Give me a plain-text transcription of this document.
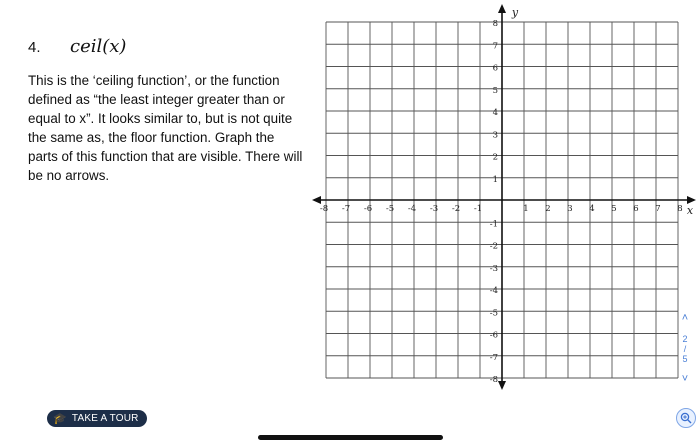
4.	ceil(x)

This is the ‘ceiling function’, or the function defined as “the least integer greater than or equal to x”. It looks similar to, but is not quite the same as, the floor function. Graph the parts of this function that are visible. There will be no arrows.

-8 -7 -6 -5 -4 -3 -2 -1	1 2 3 4 5 6 7 8
8
7
6
5
4
3
2
1
-1
-2
-3
-4
-5
-6
-7
-8
x
y
˄
2
/
5
˅
🎓 TAKE A TOUR
